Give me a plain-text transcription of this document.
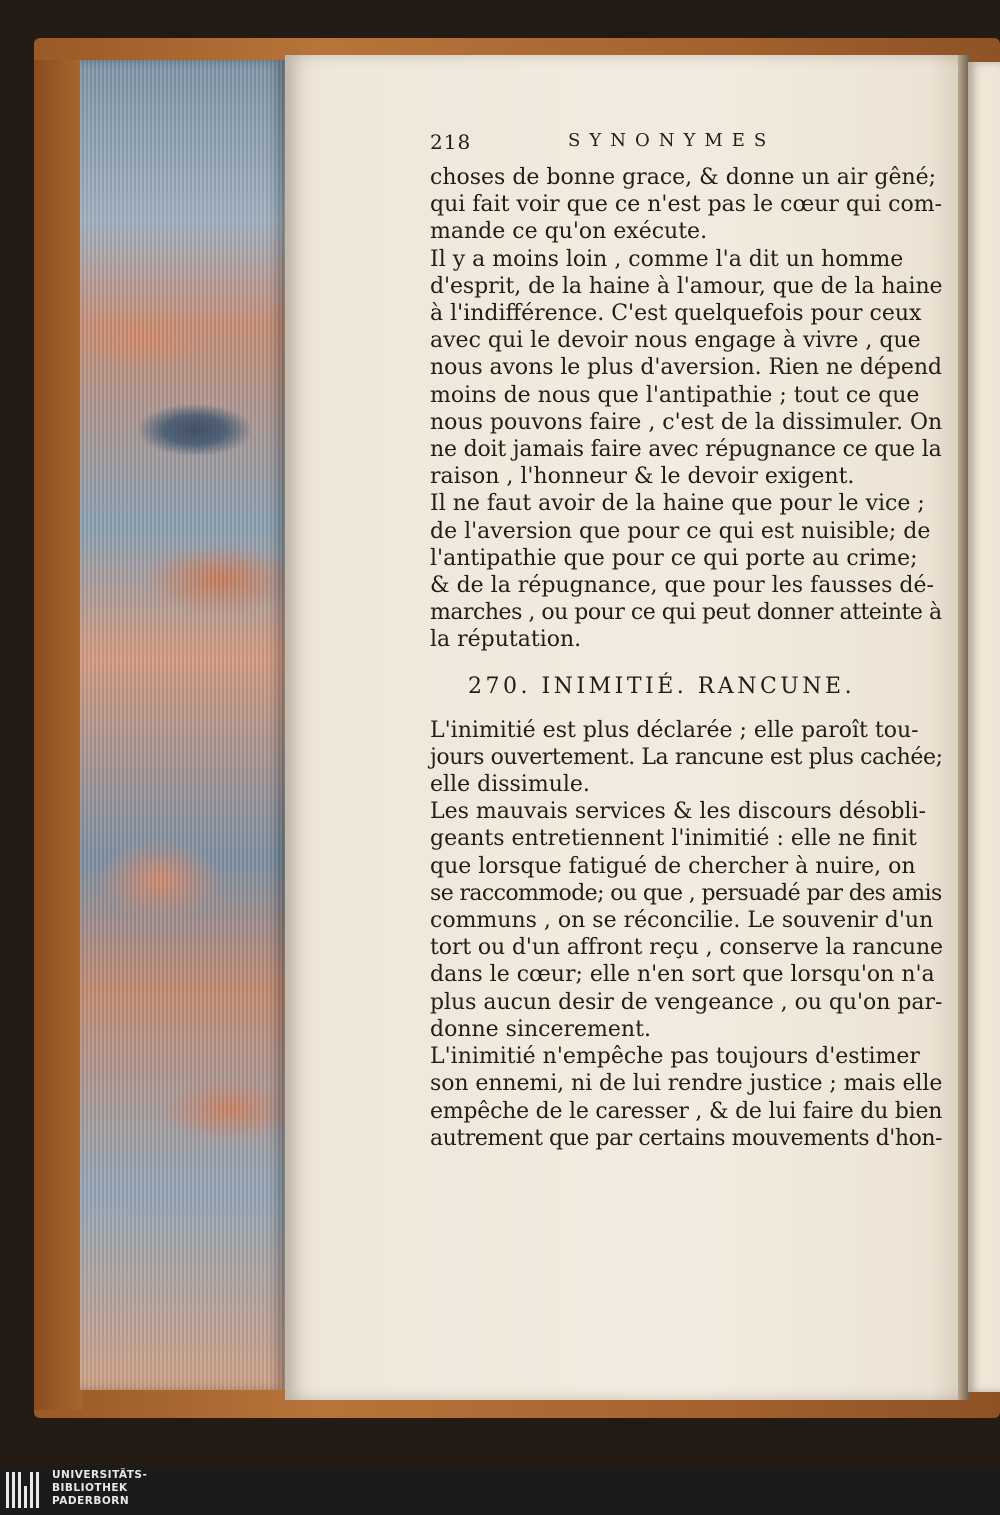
218	SYNONYMES
choses de bonne grace, & donne un air gêné;
qui fait voir que ce n'est pas le cœur qui com-
mande ce qu'on exécute.
Il y a moins loin , comme l'a dit un homme
d'esprit, de la haine à l'amour, que de la haine
à l'indifférence. C'est quelquefois pour ceux
avec qui le devoir nous engage à vivre , que
nous avons le plus d'aversion. Rien ne dépend
moins de nous que l'antipathie ; tout ce que
nous pouvons faire , c'est de la dissimuler. On
ne doit jamais faire avec répugnance ce que la
raison , l'honneur & le devoir exigent.
Il ne faut avoir de la haine que pour le vice ;
de l'aversion que pour ce qui est nuisible; de
l'antipathie que pour ce qui porte au crime;
& de la répugnance, que pour les fausses dé-
marches , ou pour ce qui peut donner atteinte à
la réputation.
270. INIMITIÉ. RANCUNE.
L'inimitié est plus déclarée ; elle paroît tou-
jours ouvertement. La rancune est plus cachée;
elle dissimule.
Les mauvais services & les discours désobli-
geants entretiennent l'inimitié : elle ne finit
que lorsque fatigué de chercher à nuire, on
se raccommode; ou que , persuadé par des amis
communs , on se réconcilie. Le souvenir d'un
tort ou d'un affront reçu , conserve la rancune
dans le cœur; elle n'en sort que lorsqu'on n'a
plus aucun desir de vengeance , ou qu'on par-
donne sincerement.
L'inimitié n'empêche pas toujours d'estimer
son ennemi, ni de lui rendre justice ; mais elle
empêche de le caresser , & de lui faire du bien
autrement que par certains mouvements d'hon-
UNIVERSITÄTS-
BIBLIOTHEK
PADERBORN
